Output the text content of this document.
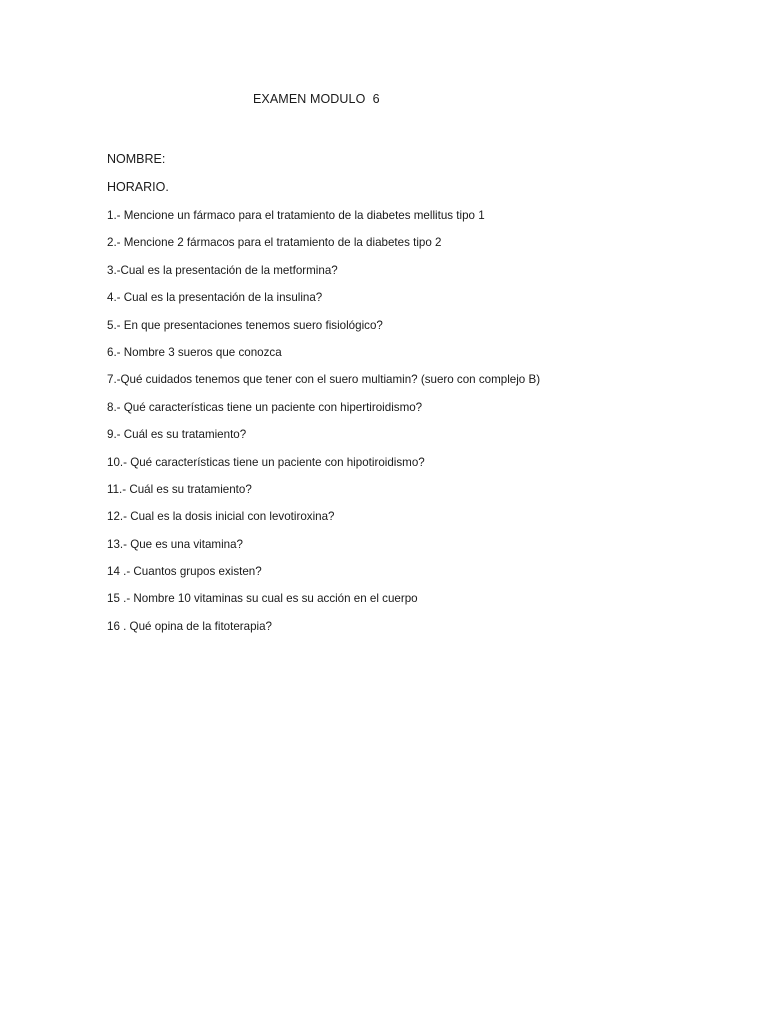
EXAMEN MODULO  6
NOMBRE:
HORARIO.
1.- Mencione un fármaco para el tratamiento de la diabetes mellitus tipo 1
2.- Mencione 2 fármacos para el tratamiento de la diabetes tipo 2
3.-Cual es la presentación de la metformina?
4.- Cual es la presentación de la insulina?
5.- En que presentaciones tenemos suero fisiológico?
6.- Nombre 3 sueros que conozca
7.-Qué cuidados tenemos que tener con el suero multiamin? (suero con complejo B)
8.- Qué características tiene un paciente con hipertiroidismo?
9.- Cuál es su tratamiento?
10.- Qué características tiene un paciente con hipotiroidismo?
11.- Cuál es su tratamiento?
12.- Cual es la dosis inicial con levotiroxina?
13.- Que es una vitamina?
14 .- Cuantos grupos existen?
15 .- Nombre 10 vitaminas su cual es su acción en el cuerpo
16 . Qué opina de la fitoterapia?
